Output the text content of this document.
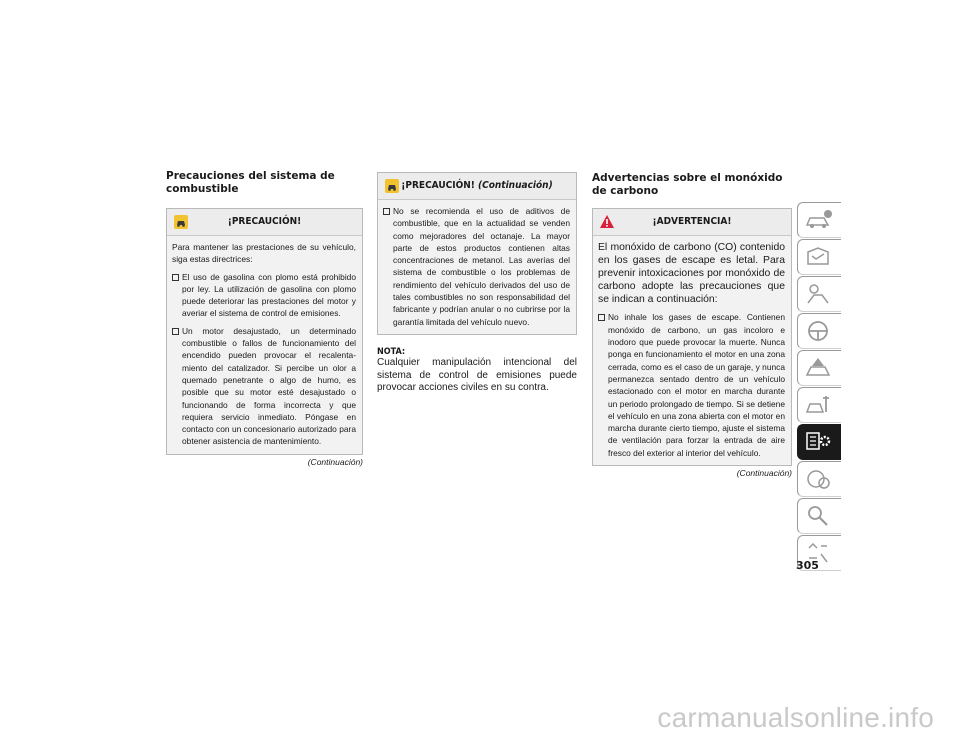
Precauciones del sistema de combustible
¡PRECAUCIÓN!

Para mantener las prestaciones de su vehículo, siga estas directrices:

El uso de gasolina con plomo está prohibido por ley. La utilización de gasolina con plomo puede deteriorar las prestaciones del motor y averiar el sistema de control de emisiones.
Un motor desajustado, un determinado combustible o fallos de funcionamiento del encendido pueden provocar el recalenta-miento del catalizador. Si percibe un olor a quemado penetrante o algo de humo, es posible que su motor esté desajustado o funcionando de forma incorrecta y que requiera servicio inmediato. Póngase en contacto con un concesionario autorizado para obtener asistencia de mantenimiento.
(Continuación)
¡PRECAUCIÓN! (Continuación)
No se recomienda el uso de aditivos de combustible, que en la actualidad se venden como mejoradores del octanaje. La mayor parte de estos productos contienen altas concentraciones de metanol. Las averías del sistema de combustible o los problemas de rendimiento del vehículo derivados del uso de tales combustibles no son responsabilidad del fabricante y podrían anular o no cubrirse por la garantía limitada del vehículo nuevo.
NOTA:
Cualquier manipulación intencional del sistema de control de emisiones puede provocar acciones civiles en su contra.
Advertencias sobre el monóxido de carbono
¡ADVERTENCIA!

El monóxido de carbono (CO) contenido en los gases de escape es letal. Para prevenir intoxicaciones por monóxido de carbono adopte las precauciones que se indican a continuación:

No inhale los gases de escape. Contienen monóxido de carbono, un gas incoloro e inodoro que puede provocar la muerte. Nunca ponga en funcionamiento el motor en una zona cerrada, como es el caso de un garaje, y nunca permanezca sentado dentro de un vehículo estacionado con el motor en marcha durante un periodo prolongado de tiempo. Si se detiene el vehículo en una zona abierta con el motor en marcha durante cierto tiempo, ajuste el sistema de ventilación para forzar la entrada de aire fresco del exterior al interior del vehículo.
(Continuación)
305
carmanualsonline.info
